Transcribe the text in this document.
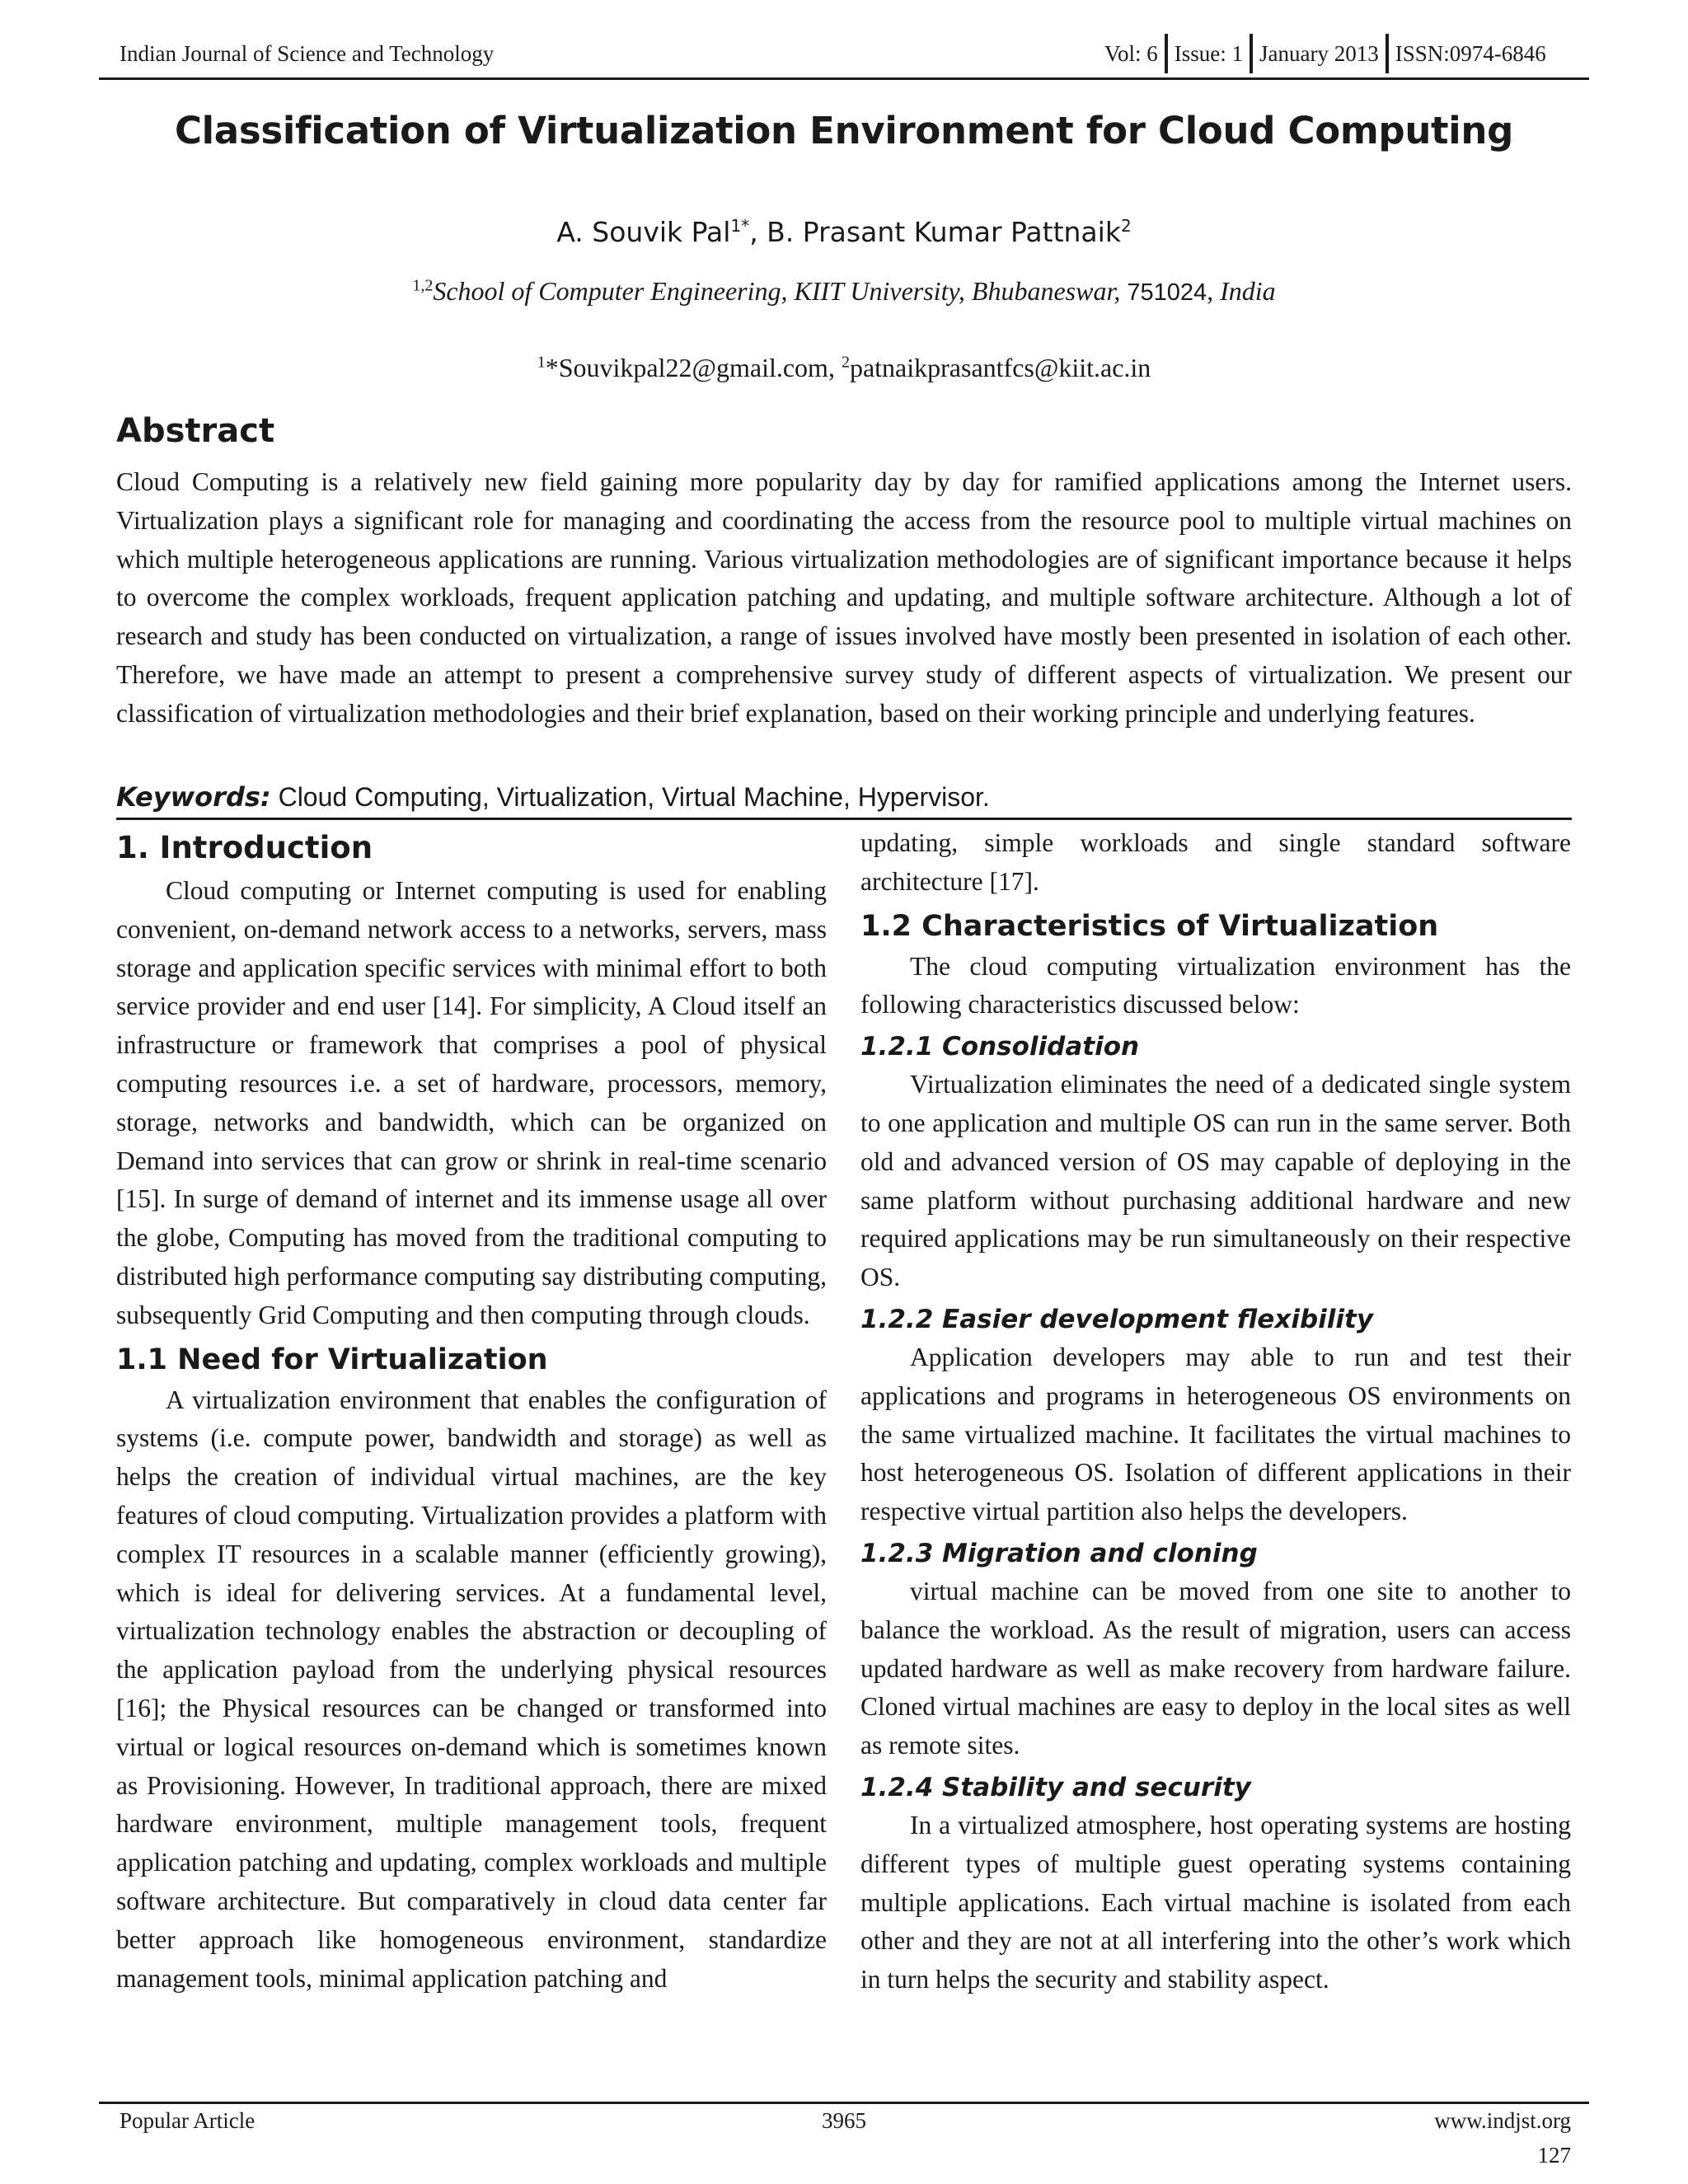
Indian Journal of Science and Technology	Vol: 6 Issue: 1 January 2013 ISSN:0974-6846
Classification of Virtualization Environment for Cloud Computing
A. Souvik Pal$^{1*}$, B. Prasant Kumar Pattnaik$^2$
$^{1,2}$School of Computer Engineering, KIIT University, Bhubaneswar, 751024, India
$^1$*Souvikpal22@gmail.com, $^2$patnaikprasantfcs@kiit.ac.in
Abstract
Cloud Computing is a relatively new field gaining more popularity day by day for ramified applications among the Internet users. Virtualization plays a significant role for managing and coordinating the access from the resource pool to multiple virtual machines on which multiple heterogeneous applications are running. Various virtualization methodologies are of significant importance because it helps to overcome the complex workloads, frequent application patching and updating, and multiple software architecture. Although a lot of research and study has been conducted on virtualization, a range of issues involved have mostly been presented in isolation of each other. Therefore, we have made an attempt to present a comprehensive survey study of different aspects of virtualization. We present our classification of virtualization methodologies and their brief explanation, based on their working principle and underlying features.
Keywords: Cloud Computing, Virtualization, Virtual Machine, Hypervisor.
1. Introduction
Cloud computing or Internet computing is used for enabling convenient, on-demand network access to a networks, servers, mass storage and application specific services with minimal effort to both service provider and end user [14]. For simplicity, A Cloud itself an infrastructure or framework that comprises a pool of physical computing resources i.e. a set of hardware, processors, memory, storage, networks and bandwidth, which can be organized on Demand into services that can grow or shrink in real-time scenario [15]. In surge of demand of internet and its immense usage all over the globe, Computing has moved from the traditional computing to distributed high performance computing say distributing computing, subsequently Grid Computing and then computing through clouds.
1.1 Need for Virtualization
A virtualization environment that enables the configuration of systems (i.e. compute power, bandwidth and storage) as well as helps the creation of individual virtual machines, are the key features of cloud computing. Virtualization provides a platform with complex IT resources in a scalable manner (efficiently growing), which is ideal for delivering services. At a fundamental level, virtualization technology enables the abstraction or decoupling of the application payload from the underlying physical resources [16]; the Physical resources can be changed or transformed into virtual or logical resources on-demand which is sometimes known as Provisioning. However, In traditional approach, there are mixed hardware environment, multiple management tools, frequent application patching and updating, complex workloads and multiple software architecture. But comparatively in cloud data center far better approach like homogeneous environment, standardize management tools, minimal application patching and
updating, simple workloads and single standard software architecture [17].
1.2 Characteristics of Virtualization
The cloud computing virtualization environment has the following characteristics discussed below:
1.2.1 Consolidation
Virtualization eliminates the need of a dedicated single system to one application and multiple OS can run in the same server. Both old and advanced version of OS may capable of deploying in the same platform without purchasing additional hardware and new required applications may be run simultaneously on their respective OS.
1.2.2 Easier development flexibility
Application developers may able to run and test their applications and programs in heterogeneous OS environments on the same virtualized machine. It facilitates the virtual machines to host heterogeneous OS. Isolation of different applications in their respective virtual partition also helps the developers.
1.2.3 Migration and cloning
virtual machine can be moved from one site to another to balance the workload. As the result of migration, users can access updated hardware as well as make recovery from hardware failure. Cloned virtual machines are easy to deploy in the local sites as well as remote sites.
1.2.4 Stability and security
In a virtualized atmosphere, host operating systems are hosting different types of multiple guest operating systems containing multiple applications. Each virtual machine is isolated from each other and they are not at all interfering into the other’s work which in turn helps the security and stability aspect.
Popular Article	3965	www.indjst.org
127
